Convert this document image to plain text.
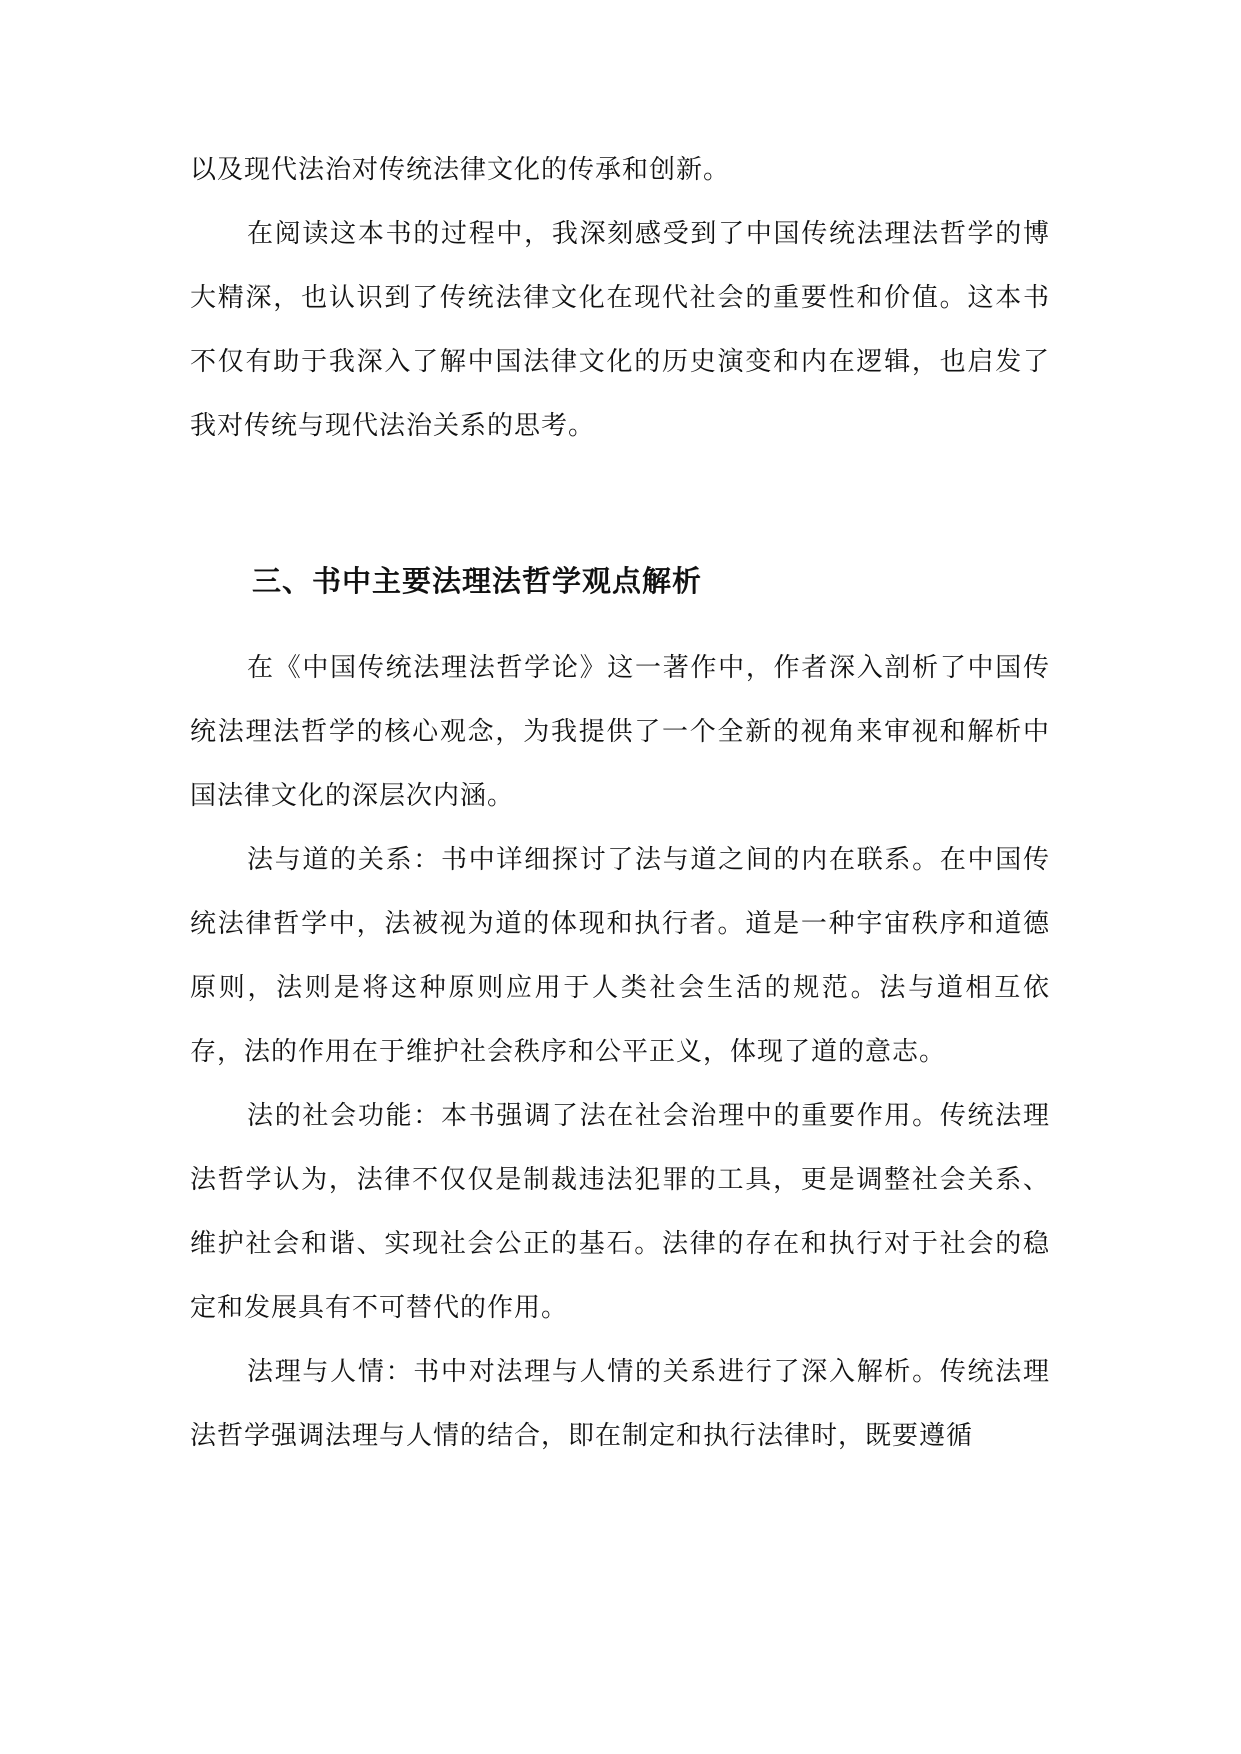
以及现代法治对传统法律文化的传承和创新。

在阅读这本书的过程中，我深刻感受到了中国传统法理法哲学的博大精深，也认识到了传统法律文化在现代社会的重要性和价值。这本书不仅有助于我深入了解中国法律文化的历史演变和内在逻辑，也启发了我对传统与现代法治关系的思考。

三、书中主要法理法哲学观点解析

在《中国传统法理法哲学论》这一著作中，作者深入剖析了中国传统法理法哲学的核心观念，为我提供了一个全新的视角来审视和解析中国法律文化的深层次内涵。

法与道的关系：书中详细探讨了法与道之间的内在联系。在中国传统法律哲学中，法被视为道的体现和执行者。道是一种宇宙秩序和道德原则，法则是将这种原则应用于人类社会生活的规范。法与道相互依存，法的作用在于维护社会秩序和公平正义，体现了道的意志。

法的社会功能：本书强调了法在社会治理中的重要作用。传统法理法哲学认为，法律不仅仅是制裁违法犯罪的工具，更是调整社会关系、维护社会和谐、实现社会公正的基石。法律的存在和执行对于社会的稳定和发展具有不可替代的作用。

法理与人情：书中对法理与人情的关系进行了深入解析。传统法理法哲学强调法理与人情的结合，即在制定和执行法律时，既要遵循
